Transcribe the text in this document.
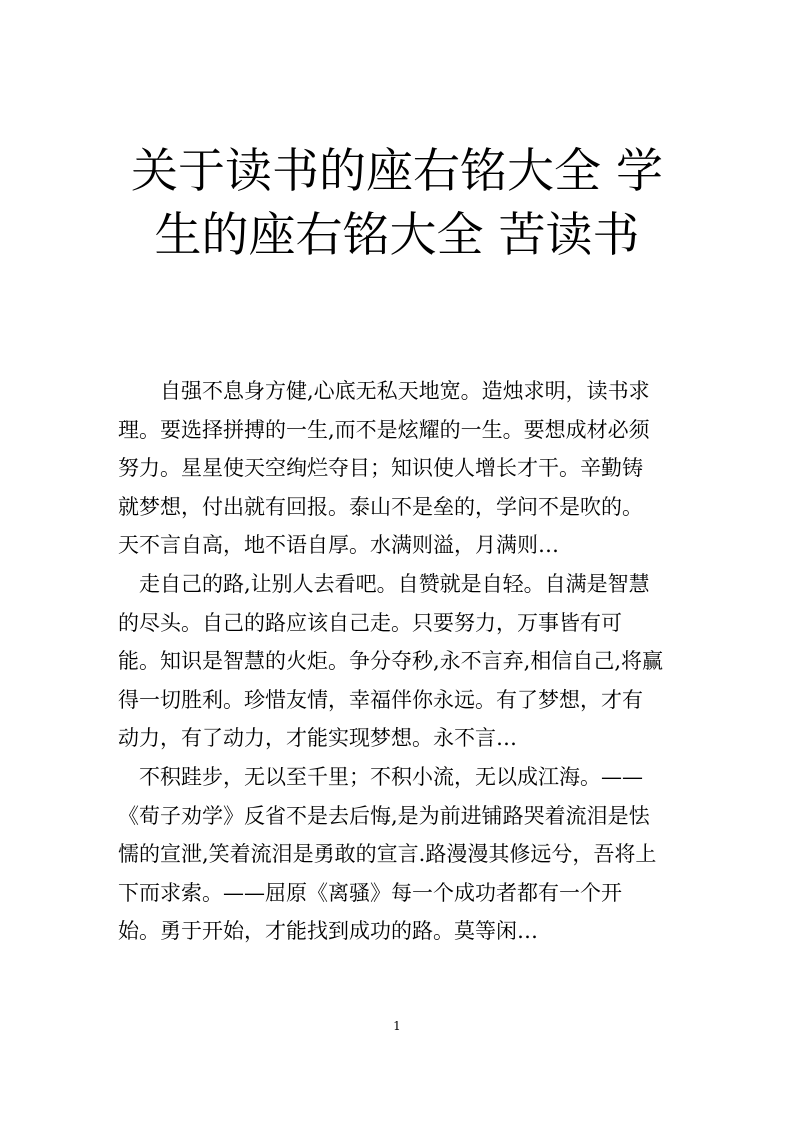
关于读书的座右铭大全 学
生的座右铭大全 苦读书
　　自强不息身方健,心底无私天地宽。造烛求明，读书求
理。要选择拼搏的一生,而不是炫耀的一生。要想成材必须
努力。星星使天空绚烂夺目；知识使人增长才干。辛勤铸
就梦想，付出就有回报。泰山不是垒的，学问不是吹的。
天不言自高，地不语自厚。水满则溢，月满则…
　走自己的路,让别人去看吧。自赞就是自轻。自满是智慧
的尽头。自己的路应该自己走。只要努力，万事皆有可
能。知识是智慧的火炬。争分夺秒,永不言弃,相信自己,将赢
得一切胜利。珍惜友情，幸福伴你永远。有了梦想，才有
动力，有了动力，才能实现梦想。永不言…
　不积跬步，无以至千里；不积小流，无以成江海。——
《荀子劝学》反省不是去后悔,是为前进铺路哭着流泪是怯
懦的宣泄,笑着流泪是勇敢的宣言.路漫漫其修远兮，吾将上
下而求索。——屈原《离骚》每一个成功者都有一个开
始。勇于开始，才能找到成功的路。莫等闲…
1
